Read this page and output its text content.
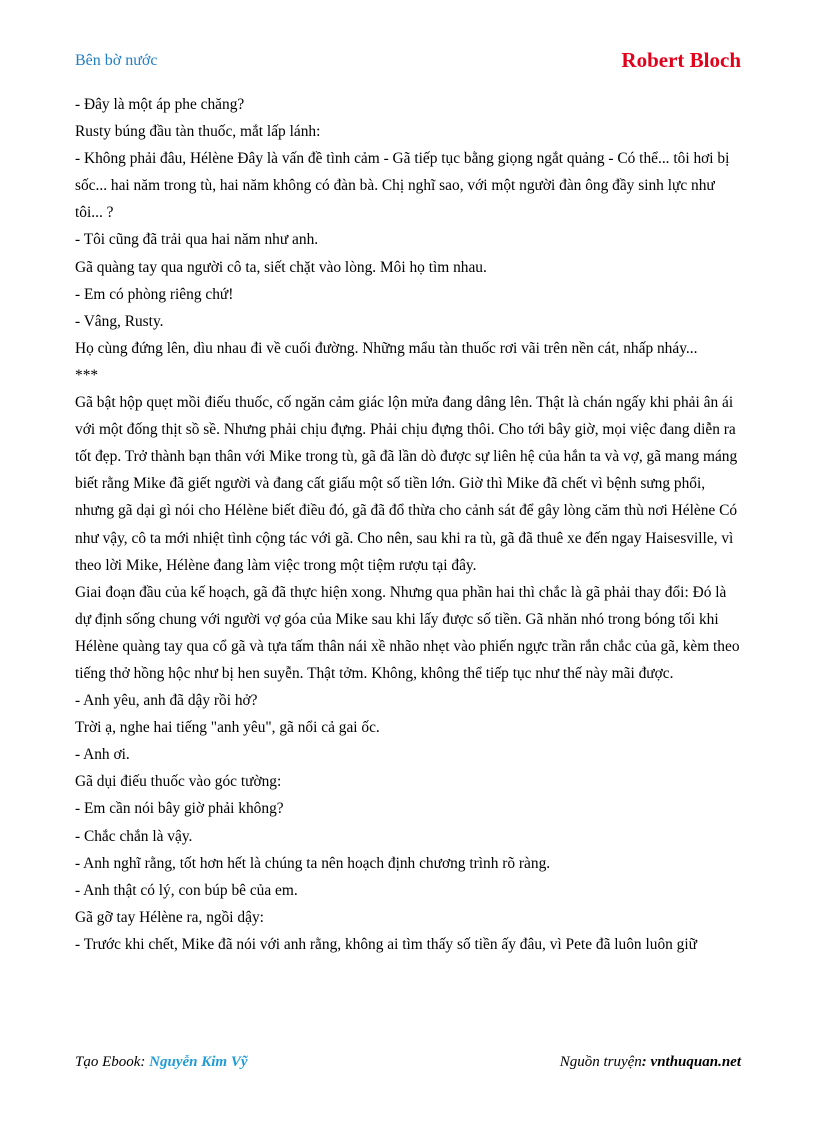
Bên bờ nước	Robert Bloch

- Đây là một áp phe chăng?

Rusty búng đầu tàn thuốc, mắt lấp lánh:

- Không phải đâu, Hélène Đây là vấn đề tình cảm - Gã tiếp tục bằng giọng ngắt quảng - Có thể... tôi hơi bị sốc... hai năm trong tù, hai năm không có đàn bà. Chị nghĩ sao, với một người đàn ông đầy sinh lực như tôi... ?

- Tôi cũng đã trải qua hai năm như anh.

Gã quàng tay qua người cô ta, siết chặt vào lòng. Môi họ tìm nhau.

- Em có phòng riêng chứ!

- Vâng, Rusty.

Họ cùng đứng lên, dìu nhau đi về cuối đường. Những mẩu tàn thuốc rơi vãi trên nền cát, nhấp nháy...

***

Gã bật hộp quẹt mồi điếu thuốc, cố ngăn cảm giác lộn mửa đang dâng lên. Thật là chán ngấy khi phải ân ái với một đống thịt sồ sề. Nhưng phải chịu đựng. Phải chịu đựng thôi. Cho tới bây giờ, mọi việc đang diễn ra tốt đẹp. Trở thành bạn thân với Mike trong tù, gã đã lần dò được sự liên hệ của hắn ta và vợ, gã mang máng biết rằng Mike đã giết người và đang cất giấu một số tiền lớn. Giờ thì Mike đã chết vì bệnh sưng phổi, nhưng gã dại gì nói cho Hélène biết điều đó, gã đã đổ thừa cho cảnh sát để gây lòng căm thù nơi Hélène Có như vậy, cô ta mới nhiệt tình cộng tác với gã. Cho nên, sau khi ra tù, gã đã thuê xe đến ngay Haisesville, vì theo lời Mike, Hélène đang làm việc trong một tiệm rượu tại đây.

Giai đoạn đầu của kế hoạch, gã đã thực hiện xong. Nhưng qua phần hai thì chắc là gã phải thay đổi: Đó là dự định sống chung với người vợ góa của Mike sau khi lấy được số tiền. Gã nhăn nhó trong bóng tối khi Hélène quàng tay qua cổ gã và tựa tấm thân nái xề nhão nhẹt vào phiến ngực trần rắn chắc của gã, kèm theo tiếng thở hồng hộc như bị hen suyễn. Thật tởm. Không, không thể tiếp tục như thế này mãi được.

- Anh yêu, anh đã dậy rồi hở?

Trời ạ, nghe hai tiếng "anh yêu", gã nổi cả gai ốc.

- Anh ơi.

Gã dụi điếu thuốc vào góc tường:

- Em cần nói bây giờ phải không?

- Chắc chắn là vậy.

- Anh nghĩ rằng, tốt hơn hết là chúng ta nên hoạch định chương trình rõ ràng.

- Anh thật có lý, con búp bê của em.

Gã gỡ tay Hélène ra, ngồi dậy:

- Trước khi chết, Mike đã nói với anh rằng, không ai tìm thấy số tiền ấy đâu, vì Pete đã luôn luôn giữ

Tạo Ebook: Nguyễn Kim Vỹ	Nguồn truyện: vnthuquan.net
